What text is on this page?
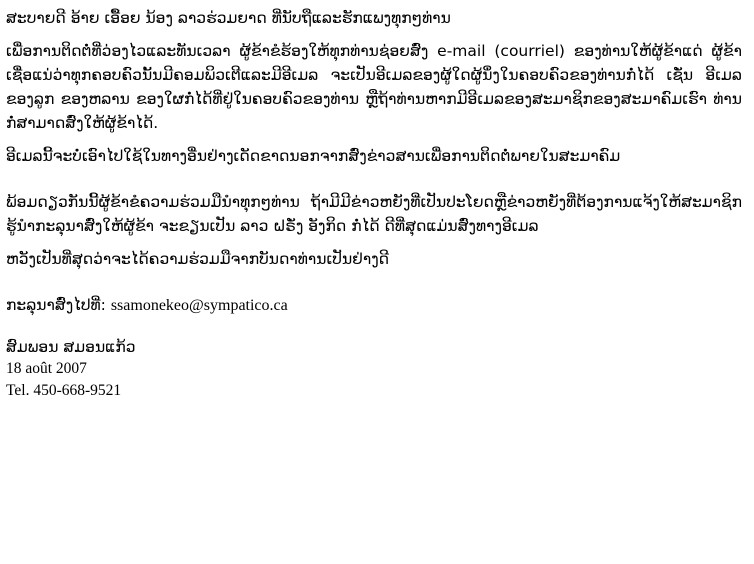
ສະບາຍດີ ອ້າຍ ເອື້ອຍ ນ້ອງ ລາວຮ່ວມຍາດ ທີ່ນັບຖືແລະຮັກແພງທຸກໆທ່ານ

ເພື່ອການຕິດຕໍ່ທີ່ວ່ອງໄວແລະທັນເວລາ ຜູ້ຂ້າຂໍຮ້ອງໃຫ້ທຸກທ່ານຊ່ອຍສົ່ງ e-mail (courriel) ຂອງທ່ານໃຫ້ຜູ້ຂ້າແດ່ ຜູ້ຂ້າເຊື່ອແນ່ວ່າທຸກຄອບຄົວນັ້ນມີຄອມພິວເຕີແລະມີອີເມລ ຈະເປັນອີເມລຂອງຜູ້ໃດຜູ້ນຶ່ງໃນຄອບຄົວຂອງທ່ານກໍ່ໄດ້ ເຊັ່ນ ອີເມລຂອງລູກ ຂອງຫລານ ຂອງໃຜກໍ່ໄດ້ທີ່ຢູ່ໃນຄອບຄົວຂອງທ່ານ ຫຼືຖ້າທ່ານຫາກມີອີເມລຂອງສະມາຊິກຂອງສະມາຄົມເຮົາ ທ່ານກໍ່ສາມາດສົ່ງໃຫ້ຜູ້ຂ້າໄດ້.

ອີເມລນີ້ຈະບໍ່ເອົາໄປໃຊ້ໃນທາງອື່ນຢ່າງເດັດຂາດນອກຈາກສົ່ງຂ່າວສານເພື່ອການຕິດຕໍ່ພາຍໃນສະມາຄົມ

ພ້ອມດຽວກັນນີ້ຜູ້ຂ້າຂໍຄວາມຮ່ວມມືນຳທຸກໆທ່ານ ຖ້າມີມີຂ່າວຫຍັງທີ່ເປັນປະໂຍດຫຼືຂ່າວຫຍັງທີ່ຕ້ອງການແຈ້ງໃຫ້ສະມາຊິກຮູ້ນຳກະລຸນາສົ່ງໃຫ້ຜູ້ຂ້າ ຈະຂຽນເປັນ ລາວ ຝຣັ່ງ ອັງກິດ ກໍ່ໄດ້ ດີທີ່ສຸດແມ່ນສົ່ງທາງອີເມລ

ຫວັງເປັນທີ່ສຸດວ່າຈະໄດ້ຄວາມຮ່ວມມືຈາກບັນດາທ່ານເປັນຢ່າງດີ

ກະລຸນາສົ່ງໄປທີ່: ssamonekeo@sympatico.ca

ສົມພອນ ສມອນແກ້ວ

18 août 2007

Tel. 450-668-9521
